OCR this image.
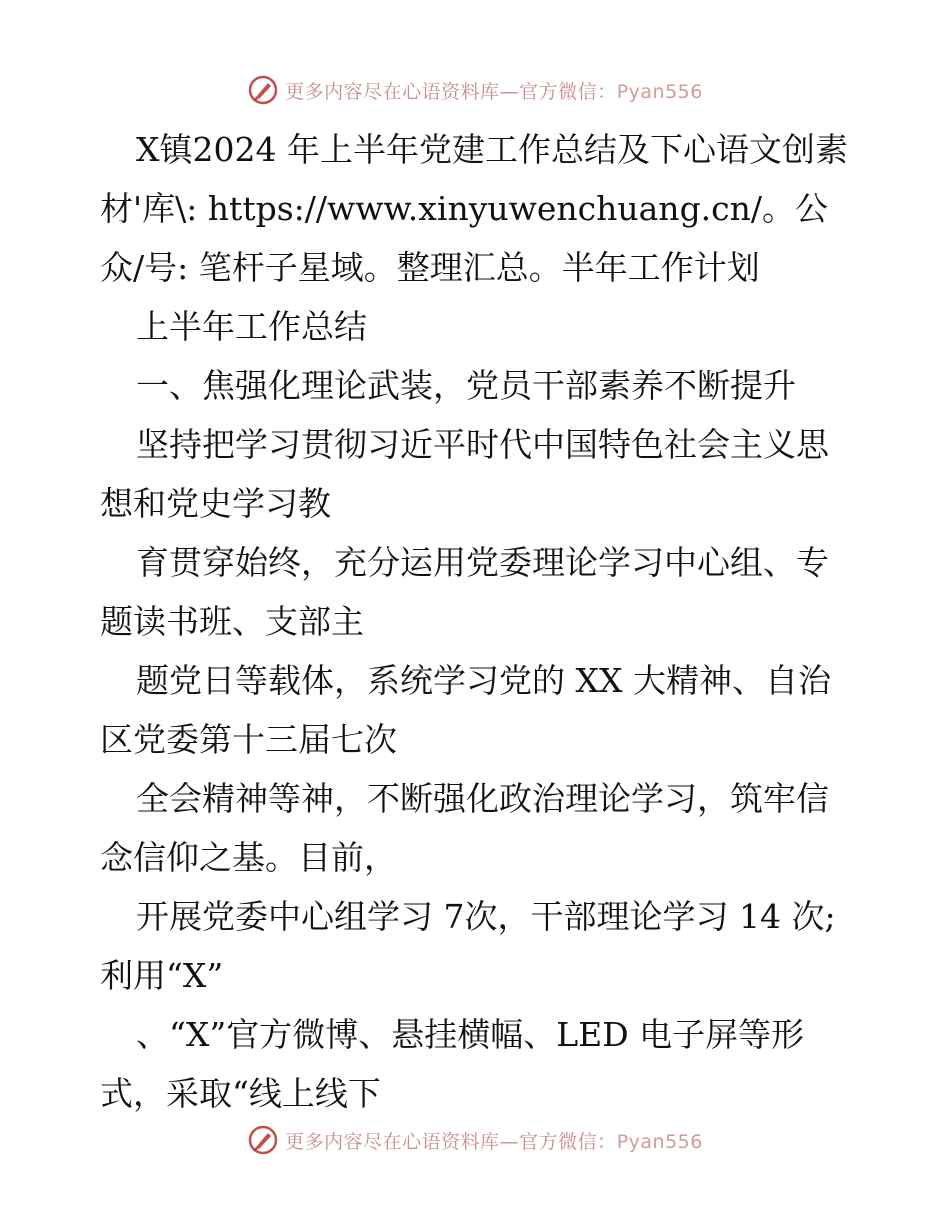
更多内容尽在心语资料库—官方微信：Pyan556

X镇2024 年上半年党建工作总结及下心语文创素材'库\: https://www.xinyuwenchuang.cn/。公众/号: 笔杆子星域。整理汇总。半年工作计划

上半年工作总结

一、焦强化理论武装，党员干部素养不断提升

坚持把学习贯彻习近平时代中国特色社会主义思想和党史学习教

育贯穿始终，充分运用党委理论学习中心组、专题读书班、支部主

题党日等载体，系统学习党的 XX 大精神、自治区党委第十三届七次

全会精神等神，不断强化政治理论学习，筑牢信念信仰之基。目前，

开展党委中心组学习 7次，干部理论学习 14 次; 利用“X”

、“X”官方微博、悬挂横幅、LED 电子屏等形式，采取“线上线下

更多内容尽在心语资料库—官方微信：Pyan556
